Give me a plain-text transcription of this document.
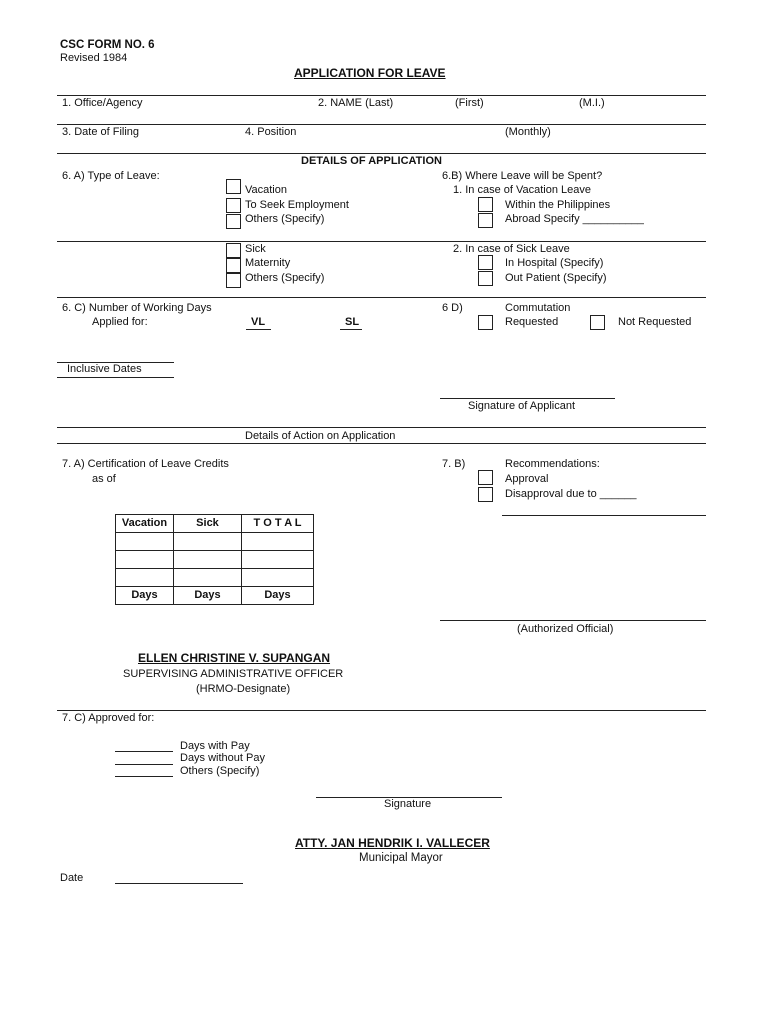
CSC FORM NO. 6
Revised 1984
APPLICATION FOR LEAVE
1. Office/Agency	2. NAME (Last)	(First)	(M.I.)
3. Date of Filing	4. Position	(Monthly)
DETAILS OF APPLICATION
6. A) Type of Leave:
Vacation
To Seek Employment
Others (Specify)
6.B) Where Leave will be Spent?
1. In case of Vacation Leave
Within the Philippines
Abroad Specify __________
Sick
Maternity
Others (Specify)
2. In case of Sick Leave
In Hospital (Specify)
Out Patient (Specify)
6. C) Number of Working Days
Applied for:	VL	SL
6 D)	Commutation
Requested	Not Requested
Inclusive Dates
Signature of Applicant
Details of Action on Application
7. A) Certification of Leave Credits
as of
Vacation	Sick	T O T A L

Days	Days	Days
7. B)	Recommendations:
Approval
Disapproval due to ______
(Authorized Official)
ELLEN CHRISTINE V. SUPANGAN
SUPERVISING ADMINISTRATIVE OFFICER
(HRMO-Designate)
7. C) Approved for:
Days with Pay
Days without Pay
Others (Specify)
Signature
ATTY. JAN HENDRIK I. VALLECER
Municipal Mayor
Date
